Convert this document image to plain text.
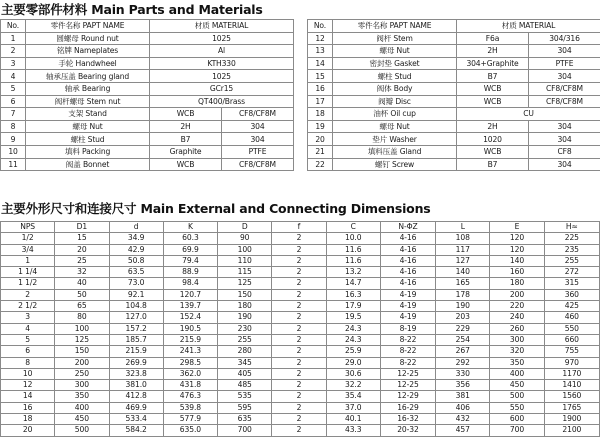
主要零部件材料 Main Parts and Materials
No.	零件名称 PAPT NAME	材质 MATERIAL	
1	圆螺母 Round nut	1025	
2	铭牌 Nameplates	Al	
3	手轮 Handwheel	KTH330	
4	轴承压盖 Bearing gland	1025	
5	轴承 Bearing	GCr15	
6	阀杆螺母 Stem nut	QT400/Brass	
7	支架 Stand	WCB	CF8/CF8M
8	螺母 Nut	2H	304
9	螺柱 Stud	B7	304
10	填料 Packing	Graphite	PTFE
11	阀盖 Bonnet	WCB	CF8/CF8M
No.	零件名称 PAPT NAME	材质 MATERIAL	
12	阀杆 Stem	F6a	304/316
13	螺母 Nut	2H	304
14	密封垫 Gasket	304+Graphite	PTFE
15	螺柱 Stud	B7	304
16	阀体 Body	WCB	CF8/CF8M
17	阀瓣 Disc	WCB	CF8/CF8M
18	油杯 Oil cup	CU	
19	螺母 Nut	2H	304
20	垫片 Washer	1020	304
21	填料压盖 Gland	WCB	CF8
22	螺钉 Screw	B7	304
主要外形尺寸和连接尺寸 Main External and Connecting Dimensions
NPS	D1	d	K	D	f	C	N-ΦZ	L	E	H≈
1/2	15	34.9	60.3	90	2	10.0	4-16	108	120	225
3/4	20	42.9	69.9	100	2	11.6	4-16	117	120	235
1	25	50.8	79.4	110	2	11.6	4-16	127	140	255
1 1/4	32	63.5	88.9	115	2	13.2	4-16	140	160	272
1 1/2	40	73.0	98.4	125	2	14.7	4-16	165	180	315
2	50	92.1	120.7	150	2	16.3	4-19	178	200	360
2 1/2	65	104.8	139.7	180	2	17.9	4-19	190	220	425
3	80	127.0	152.4	190	2	19.5	4-19	203	240	460
4	100	157.2	190.5	230	2	24.3	8-19	229	260	550
5	125	185.7	215.9	255	2	24.3	8-22	254	300	660
6	150	215.9	241.3	280	2	25.9	8-22	267	320	755
8	200	269.9	298.5	345	2	29.0	8-22	292	350	970
10	250	323.8	362.0	405	2	30.6	12-25	330	400	1170
12	300	381.0	431.8	485	2	32.2	12-25	356	450	1410
14	350	412.8	476.3	535	2	35.4	12-29	381	500	1560
16	400	469.9	539.8	595	2	37.0	16-29	406	550	1765
18	450	533.4	577.9	635	2	40.1	16-32	432	600	1900
20	500	584.2	635.0	700	2	43.3	20-32	457	700	2100
